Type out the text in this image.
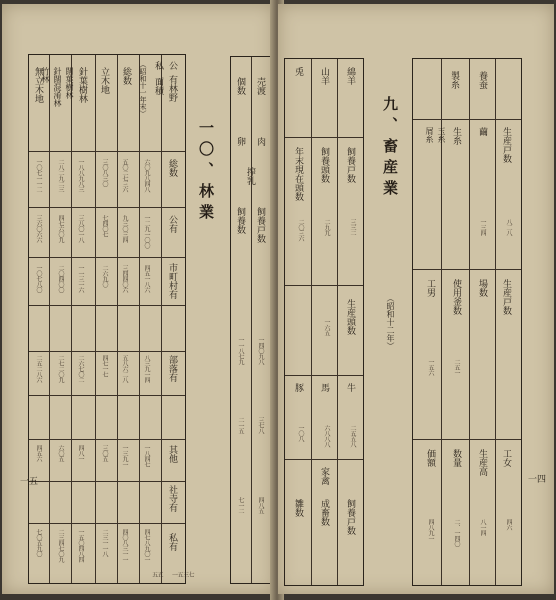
公
私
有林野
面積
（昭和十一年末）
総数
立木地
針葉樹林
闊葉樹林
針闊混淆林
竹林
無立木地
総数
公有
市町村有
部落有
其他
社寺有
私有
六〇九八四八
一二九一〇〇
四五一八六
八三九一四
一八四七
四七八九〇一
五〇二七三六
九三〇三四
三四四〇六
五八六二八
一三九一
四〇八三一一
三〇八三〇
七四〇七
二六九〇
四七一七
三〇五
二三一一八
一八八九八三
三八〇一八
一一三一六
二六七〇二
四八一
一五〇四八四
二八二九二三
四七六〇九
二〇四〇〇
二七二〇九
六〇五
二三四七〇九
一〇七一一二
三六〇六六
一〇七八〇
二五二八六
四五六
七〇五九〇
一〇、林業	飼養戸数
飼養数
一四〇九八
一一八七九
三七八
二一五
四八五
七一二
売渡
個数
肉
卵
搾乳
一五
一五三七
五五
綿羊
山羊
兎
家禽
飼養戸数
飼養頭数
年末現在頭数
生産頭数
三三二
二九九
二〇三六
一六五
牛
馬
豚
飼養戸数
成畜数
雛数
二五五八
六八八八
一〇八
九、畜産業
（昭和十二年）
養蚕
製糸
生産戸数
繭
生糸
玉糸
屑糸
生産戸数
場数
使用釜数
工男
工女
生産高
数量
価額
八二八
一三四
二五一
一五六
四六
八一四
二、一四〇
四八九一
一四
